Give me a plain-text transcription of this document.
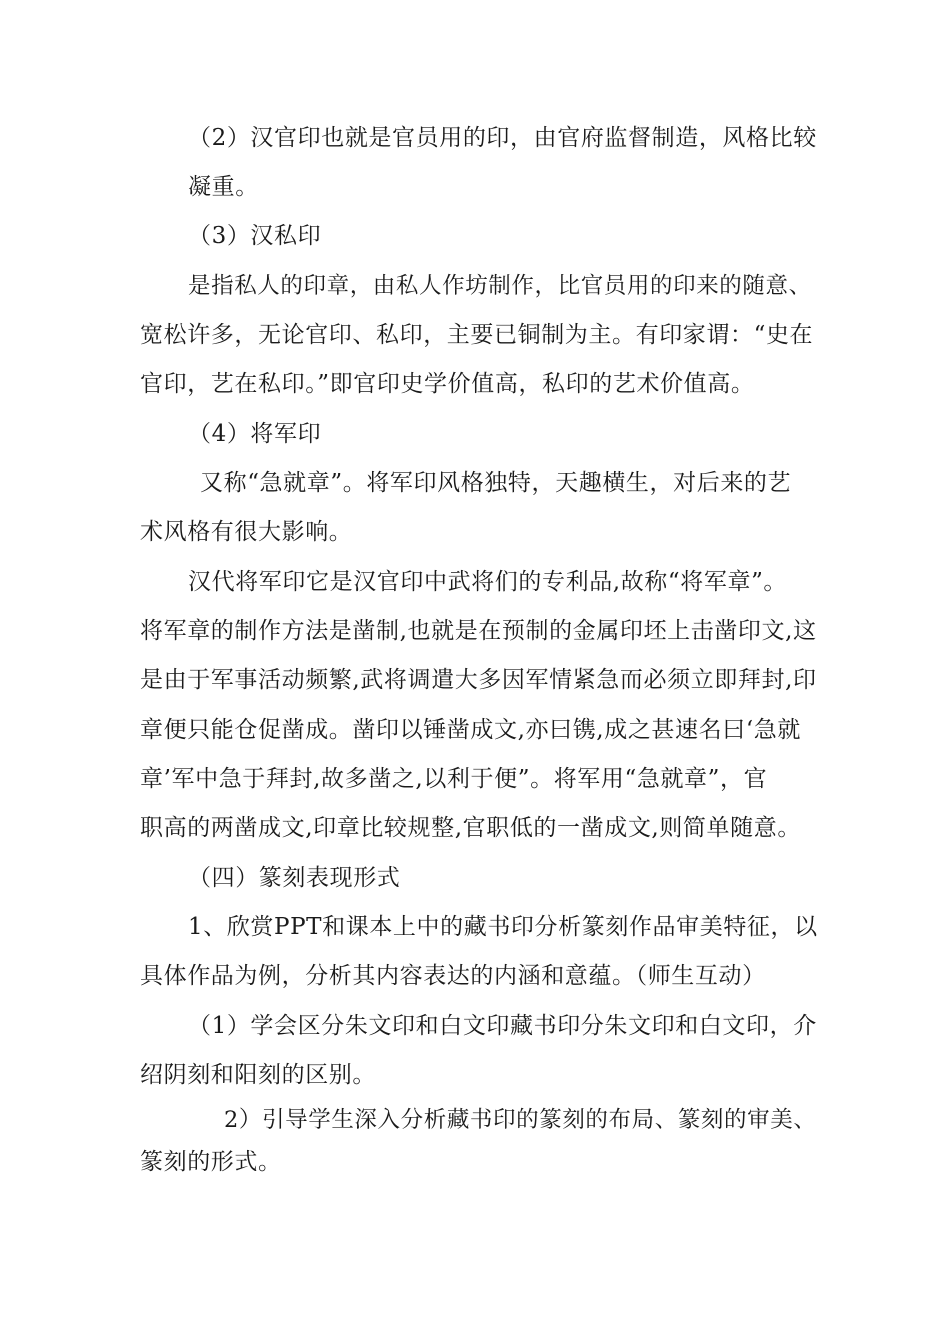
（2）汉官印也就是官员用的印，由官府监督制造，风格比较
凝重。
（3）汉私印
是指私人的印章，由私人作坊制作，比官员用的印来的随意、
宽松许多，无论官印、私印，主要已铜制为主。有印家谓：“史在
官印，艺在私印。”即官印史学价值高，私印的艺术价值高。
（4）将军印
又称“急就章”。将军印风格独特，天趣横生，对后来的艺
术风格有很大影响。
汉代将军印它是汉官印中武将们的专利品,故称“将军章”。
将军章的制作方法是凿制,也就是在预制的金属印坯上击凿印文,这
是由于军事活动频繁,武将调遣大多因军情紧急而必须立即拜封,印
章便只能仓促凿成。凿印以锤凿成文,亦曰镌,成之甚速名曰‘急就
章’军中急于拜封,故多凿之,以利于便”。将军用“急就章”，官
职高的两凿成文,印章比较规整,官职低的一凿成文,则简单随意。
（四）篆刻表现形式
1、欣赏PPT和课本上中的藏书印分析篆刻作品审美特征，以
具体作品为例，分析其内容表达的内涵和意蕴。（师生互动）
（1）学会区分朱文印和白文印藏书印分朱文印和白文印，介
绍阴刻和阳刻的区别。
2）引导学生深入分析藏书印的篆刻的布局、篆刻的审美、
篆刻的形式。
